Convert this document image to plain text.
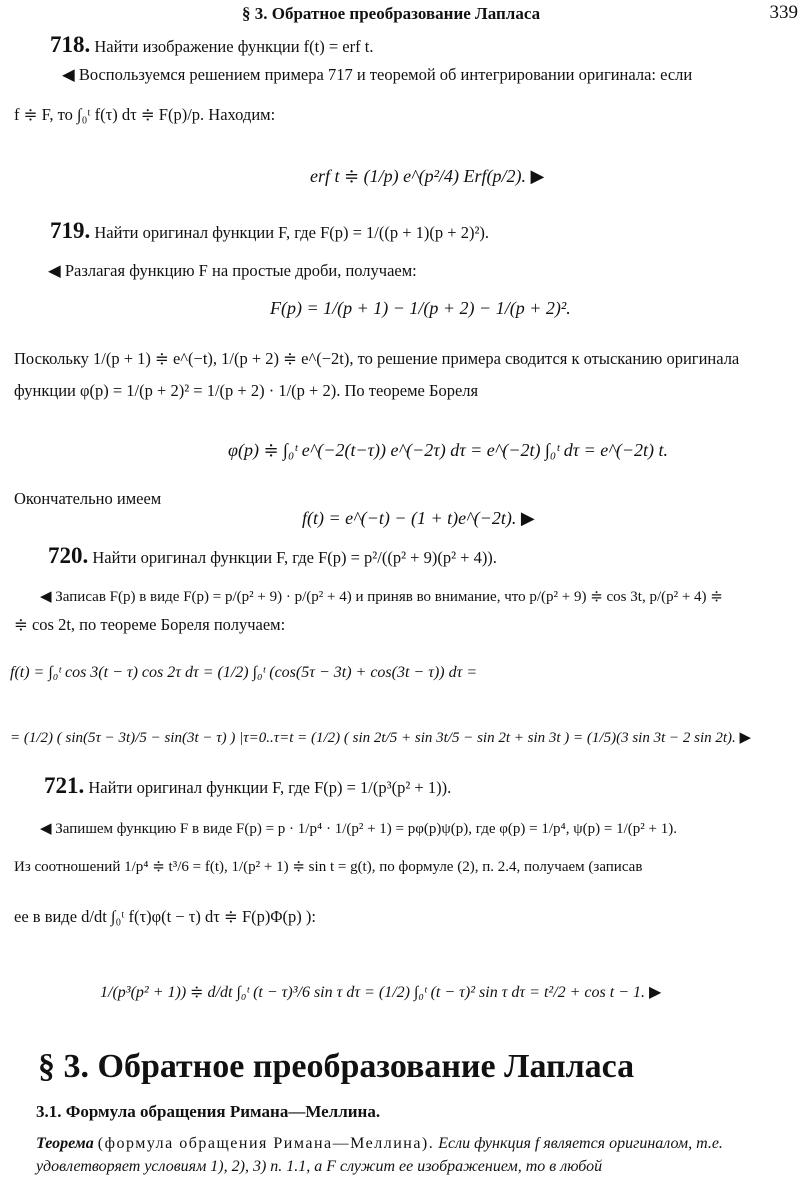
§ 3. Обратное преобразование Лапласа	339
718. Найти изображение функции f(t) = erf t.
◀ Воспользуемся решением примера 717 и теоремой об интегрировании оригинала: если
f ≑ F, то ∫₀ᵗ f(τ) dτ ≑ F(p)/p. Находим:
erf t ≑ (1/p) e^(p²/4) Erf(p/2). ▶
719. Найти оригинал функции F, где F(p) = 1/((p + 1)(p + 2)²).
◀ Разлагая функцию F на простые дроби, получаем:
F(p) = 1/(p + 1) − 1/(p + 2) − 1/(p + 2)².
Поскольку 1/(p + 1) ≑ e^(−t), 1/(p + 2) ≑ e^(−2t), то решение примера сводится к отысканию оригинала
функции φ(p) = 1/(p + 2)² = 1/(p + 2) · 1/(p + 2). По теореме Бореля
φ(p) ≑ ∫₀ᵗ e^(−2(t−τ)) e^(−2τ) dτ = e^(−2t) ∫₀ᵗ dτ = e^(−2t) t.
Окончательно имеем
f(t) = e^(−t) − (1 + t)e^(−2t). ▶
720. Найти оригинал функции F, где F(p) = p²/((p² + 9)(p² + 4)).
◀ Записав F(p) в виде F(p) = p/(p² + 9) · p/(p² + 4) и приняв во внимание, что p/(p² + 9) ≑ cos 3t, p/(p² + 4) ≑
≑ cos 2t, по теореме Бореля получаем:
f(t) = ∫₀ᵗ cos 3(t − τ) cos 2τ dτ = (1/2) ∫₀ᵗ (cos(5τ − 3t) + cos(3t − τ)) dτ =
= (1/2) ( sin(5τ − 3t)/5 − sin(3t − τ) ) |τ=0..τ=t = (1/2) ( sin 2t/5 + sin 3t/5 − sin 2t + sin 3t ) = (1/5)(3 sin 3t − 2 sin 2t). ▶
721. Найти оригинал функции F, где F(p) = 1/(p³(p² + 1)).
◀ Запишем функцию F в виде F(p) = p · 1/p⁴ · 1/(p² + 1) = pφ(p)ψ(p), где φ(p) = 1/p⁴, ψ(p) = 1/(p² + 1).
Из соотношений 1/p⁴ ≑ t³/6 = f(t), 1/(p² + 1) ≑ sin t = g(t), по формуле (2), п. 2.4, получаем (записав
ее в виде d/dt ∫₀ᵗ f(τ)φ(t − τ) dτ ≑ F(p)Φ(p) ):
1/(p³(p² + 1)) ≑ d/dt ∫₀ᵗ (t − τ)³/6 sin τ dτ = (1/2) ∫₀ᵗ (t − τ)² sin τ dτ = t²/2 + cos t − 1. ▶
§ 3. Обратное преобразование Лапласа
3.1. Формула обращения Римана—Меллина.
Теорема (формула обращения Римана—Меллина). Если функция f является оригиналом, т.е. удовлетворяет условиям 1), 2), 3) п. 1.1, а F служит ее изображением, то в любой
